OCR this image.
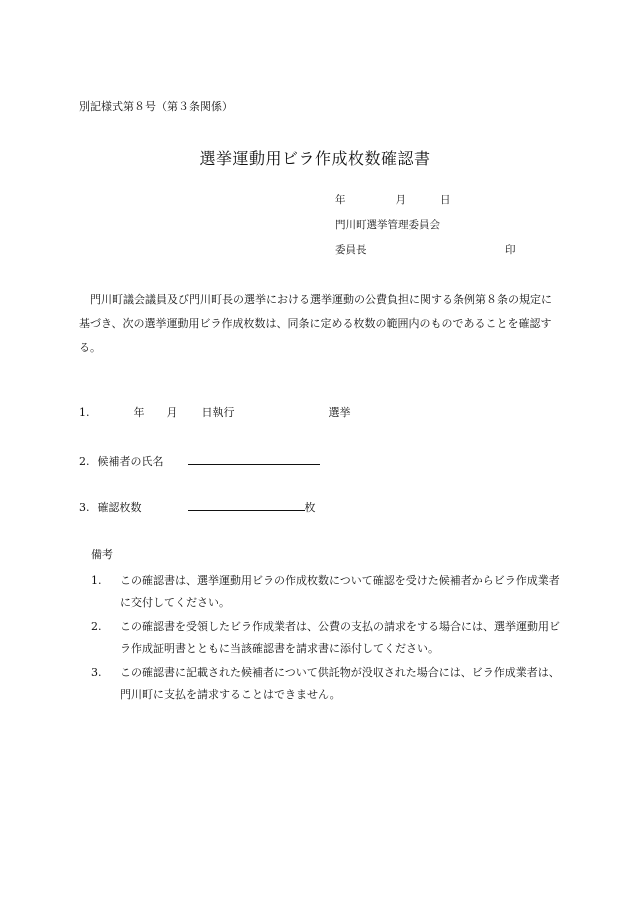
別記様式第８号（第３条関係）
選挙運動用ビラ作成枚数確認書
年	月	日
門川町選挙管理委員会
委員長	印
門川町議会議員及び門川町長の選挙における選挙運動の公費負担に関する条例第８条の規定に基づき、次の選挙運動用ビラ作成枚数は、同条に定める枚数の範囲内のものであることを確認する。
1.	年 月 日執行	選挙
2. 候補者の氏名
3. 確認枚数	枚
備考
1. この確認書は、選挙運動用ビラの作成枚数について確認を受けた候補者からビラ作成業者に交付してください。
2. この確認書を受領したビラ作成業者は、公費の支払の請求をする場合には、選挙運動用ビラ作成証明書とともに当該確認書を請求書に添付してください。
3. この確認書に記載された候補者について供託物が没収された場合には、ビラ作成業者は、門川町に支払を請求することはできません。
